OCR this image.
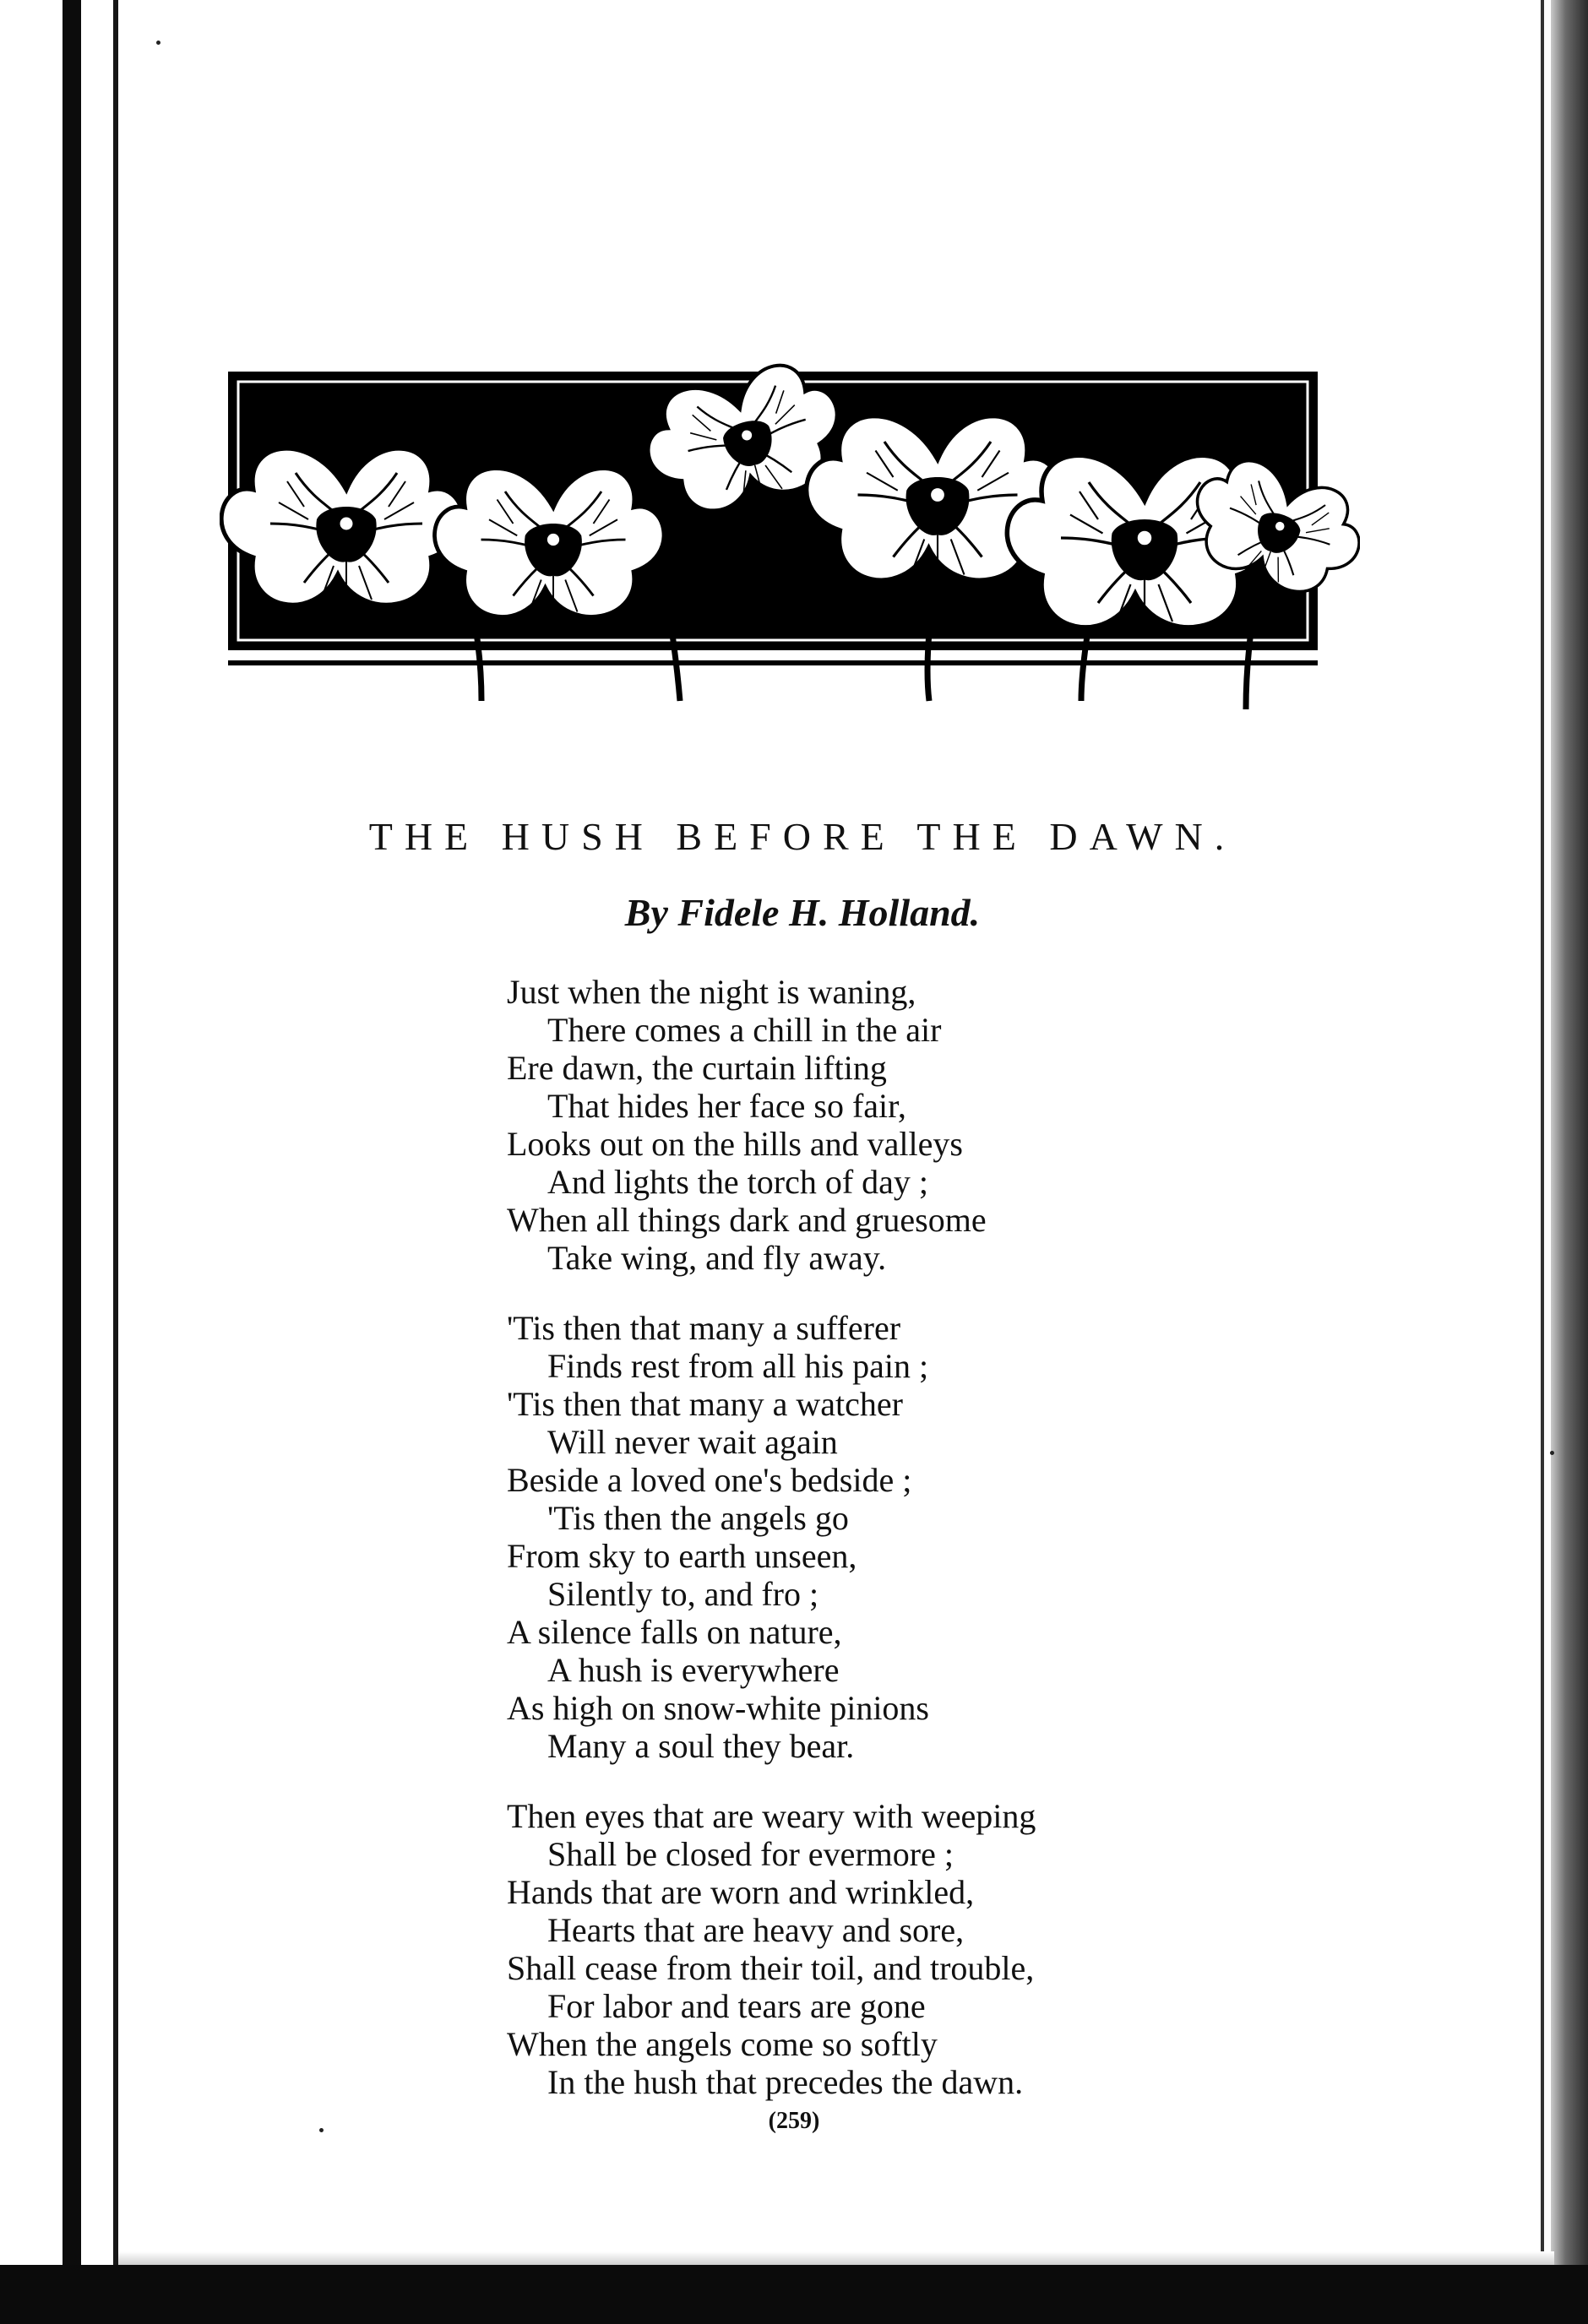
THE HUSH BEFORE THE DAWN.
By Fidele H. Holland.
Just when the night is waning,
There comes a chill in the air
Ere dawn, the curtain lifting
That hides her face so fair,
Looks out on the hills and valleys
And lights the torch of day ;
When all things dark and gruesome
Take wing, and fly away.
'Tis then that many a sufferer
Finds rest from all his pain ;
'Tis then that many a watcher
Will never wait again
Beside a loved one's bedside ;
'Tis then the angels go
From sky to earth unseen,
Silently to, and fro ;
A silence falls on nature,
A hush is everywhere
As high on snow-white pinions
Many a soul they bear.
Then eyes that are weary with weeping
Shall be closed for evermore ;
Hands that are worn and wrinkled,
Hearts that are heavy and sore,
Shall cease from their toil, and trouble,
For labor and tears are gone
When the angels come so softly
In the hush that precedes the dawn.
(259)
